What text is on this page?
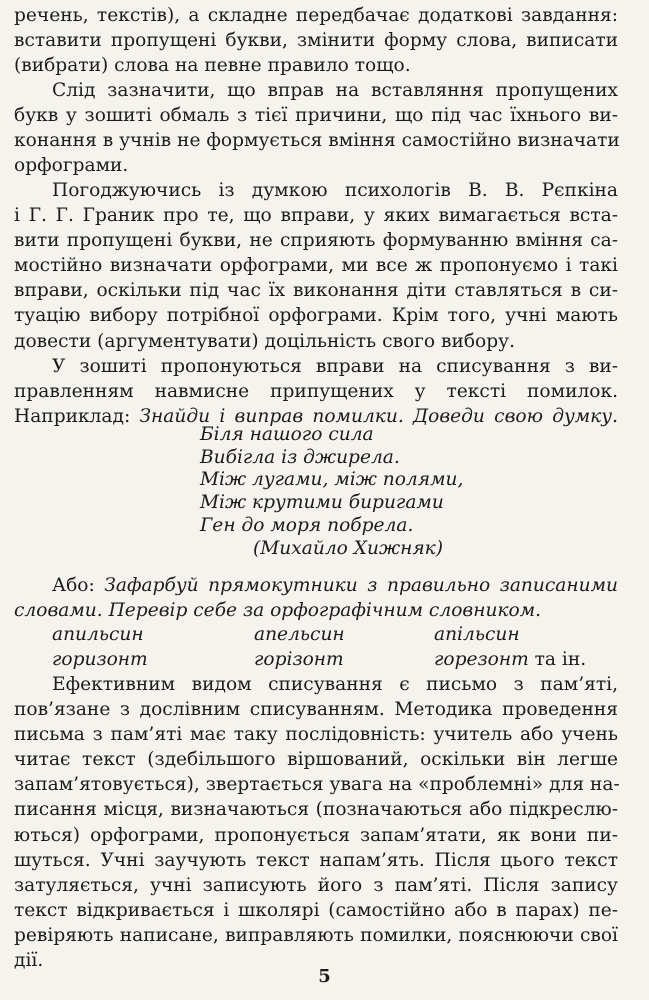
речень, текстів), а складне передбачає додаткові завдання:
вставити пропущені букви, змінити форму слова, виписати
(вибрати) слова на певне правило тощо.
Слід зазначити, що вправ на вставляння пропущених
букв у зошиті обмаль з тієї причини, що під час їхнього ви-
конання в учнів не формується вміння самостійно визначати
орфограми.
Погоджуючись із думкою психологів В. В. Рєпкіна
і Г. Г. Граник про те, що вправи, у яких вимагається вста-
вити пропущені букви, не сприяють формуванню вміння са-
мостійно визначати орфограми, ми все ж пропонуємо і такі
вправи, оскільки під час їх виконання діти ставляться в си-
туацію вибору потрібної орфограми. Крім того, учні мають
довести (аргументувати) доцільність свого вибору.
У зошиті пропонуються вправи на списування з ви-
правленням навмисне припущених у тексті помилок.
Наприклад: Знайди і виправ помилки. Доведи свою думку.
Біля нашого сила
Вибігла із джирела.
Між лугами, між полями,
Між крутими биригами
Ген до моря побрела.
(Михайло Хижняк)
Або: Зафарбуй прямокутники з правильно записаними
словами. Перевір себе за орфографічним словником.
апильсин	апельсин	апільсин
горизонт	горізонт	горезонт та ін.
Ефективним видом списування є письмо з пам’яті,
пов’язане з дослівним списуванням. Методика проведення
письма з пам’яті має таку послідовність: учитель або учень
читає текст (здебільшого віршований, оскільки він легше
запам’ятовується), звертається увага на «проблемні» для на-
писання місця, визначаються (позначаються або підкреслю-
ються) орфограми, пропонується запам’ятати, як вони пи-
шуться. Учні заучують текст напам’ять. Після цього текст
затуляється, учні записують його з пам’яті. Після запису
текст відкривається і школярі (самостійно або в парах) пе-
ревіряють написане, виправляють помилки, пояснюючи свої
дії.
5
